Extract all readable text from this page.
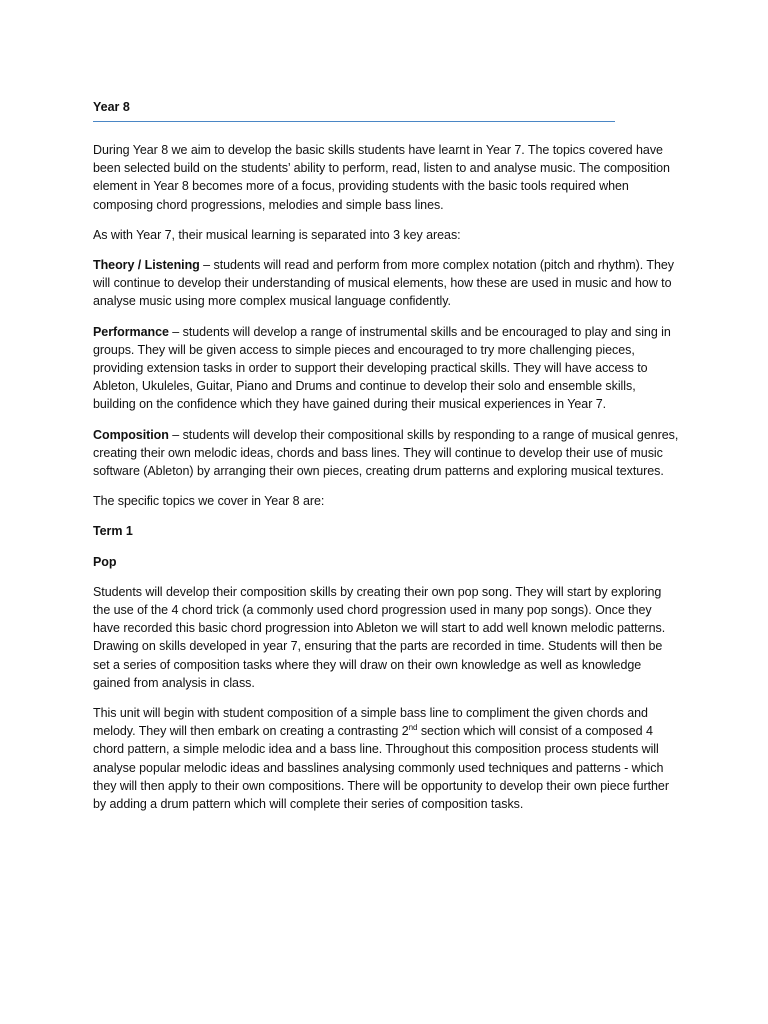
Year 8

During Year 8 we aim to develop the basic skills students have learnt in Year 7. The topics covered have been selected build on the students’ ability to perform, read, listen to and analyse music. The composition element in Year 8 becomes more of a focus, providing students with the basic tools required when composing chord progressions, melodies and simple bass lines.

As with Year 7, their musical learning is separated into 3 key areas:

Theory / Listening – students will read and perform from more complex notation (pitch and rhythm). They will continue to develop their understanding of musical elements, how these are used in music and how to analyse music using more complex musical language confidently.

Performance – students will develop a range of instrumental skills and be encouraged to play and sing in groups. They will be given access to simple pieces and encouraged to try more challenging pieces, providing extension tasks in order to support their developing practical skills. They will have access to Ableton, Ukuleles, Guitar, Piano and Drums and continue to develop their solo and ensemble skills, building on the confidence which they have gained during their musical experiences in Year 7.

Composition – students will develop their compositional skills by responding to a range of musical genres, creating their own melodic ideas, chords and bass lines. They will continue to develop their use of music software (Ableton) by arranging their own pieces, creating drum patterns and exploring musical textures.

The specific topics we cover in Year 8 are:

Term 1

Pop

Students will develop their composition skills by creating their own pop song. They will start by exploring the use of the 4 chord trick (a commonly used chord progression used in many pop songs). Once they have recorded this basic chord progression into Ableton we will start to add well known melodic patterns. Drawing on skills developed in year 7, ensuring that the parts are recorded in time. Students will then be set a series of composition tasks where they will draw on their own knowledge as well as knowledge gained from analysis in class.

This unit will begin with student composition of a simple bass line to compliment the given chords and melody. They will then embark on creating a contrasting 2nd section which will consist of a composed 4 chord pattern, a simple melodic idea and a bass line. Throughout this composition process students will analyse popular melodic ideas and basslines analysing commonly used techniques and patterns - which they will then apply to their own compositions. There will be opportunity to develop their own piece further by adding a drum pattern which will complete their series of composition tasks.
